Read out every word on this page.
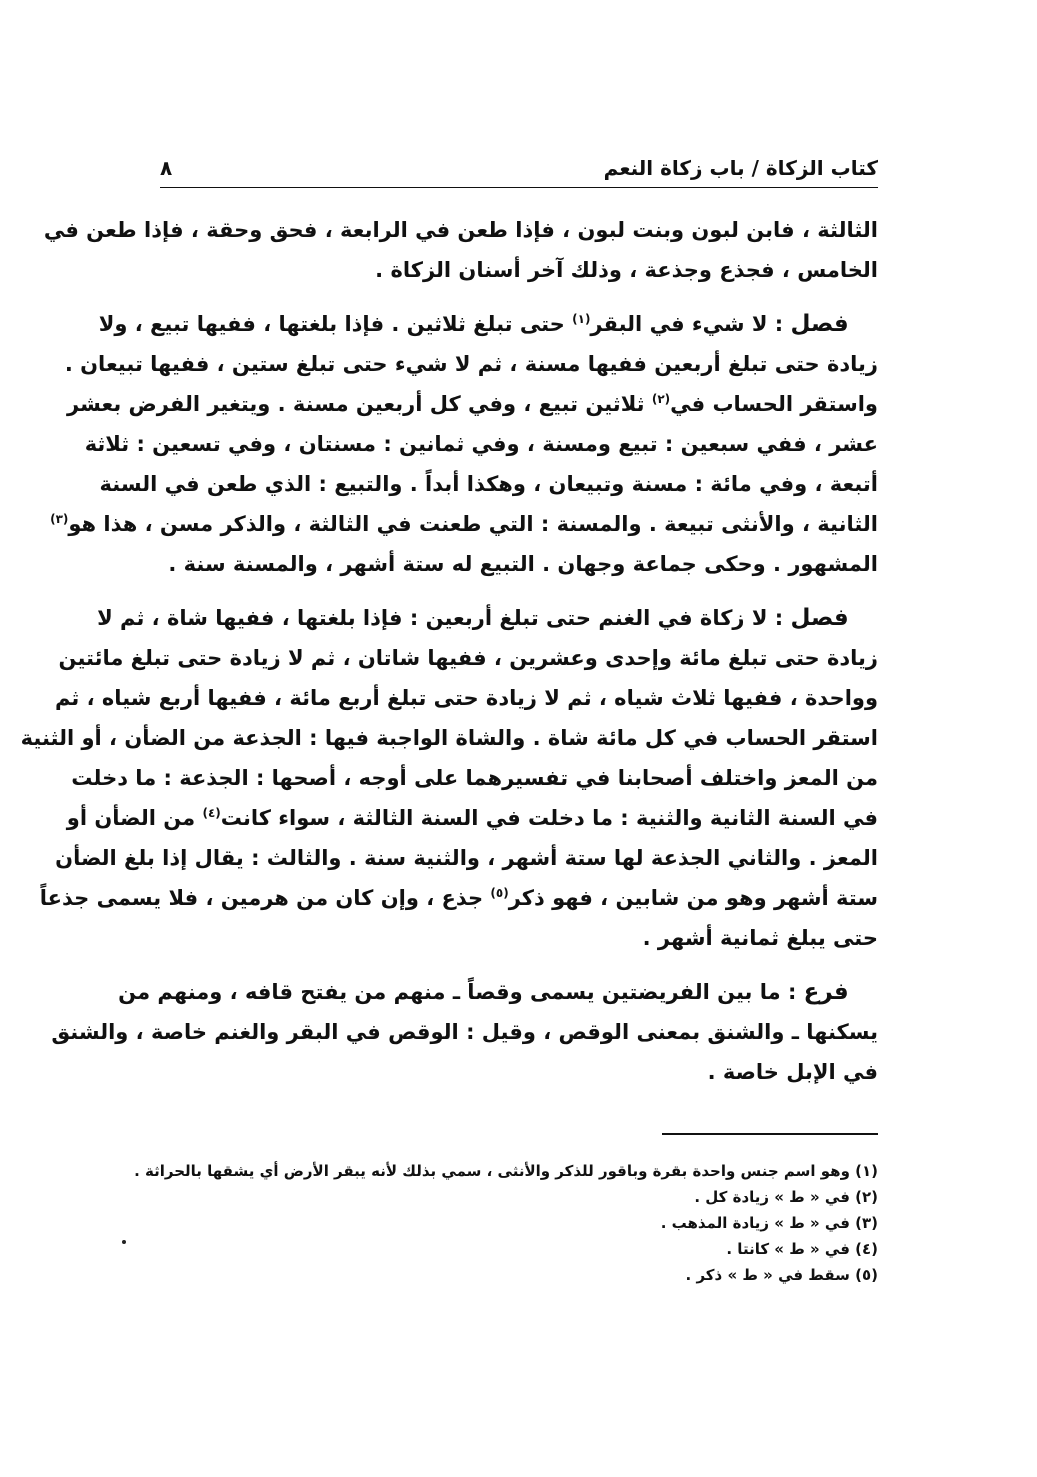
كتاب الزكاة / باب زكاة النعم
٨
الثالثة ، فابن لبون وبنت لبون ، فإذا طعن في الرابعة ، فحق وحقة ، فإذا طعن في
الخامس ، فجذع وجذعة ، وذلك آخر أسنان الزكاة .
فصل : لا شيء في البقر$^{(١)}$ حتى تبلغ ثلاثين . فإذا بلغتها ، ففيها تبيع ، ولا
زيادة حتى تبلغ أربعين ففيها مسنة ، ثم لا شيء حتى تبلغ ستين ، ففيها تبيعان .
واستقر الحساب في$^{(٢)}$ ثلاثين تبيع ، وفي كل أربعين مسنة . ويتغير الفرض بعشر
عشر ، ففي سبعين : تبيع ومسنة ، وفي ثمانين : مسنتان ، وفي تسعين : ثلاثة
أتبعة ، وفي مائة : مسنة وتبيعان ، وهكذا أبداً . والتبيع : الذي طعن في السنة
الثانية ، والأنثى تبيعة . والمسنة : التي طعنت في الثالثة ، والذكر مسن ، هذا هو$^{(٣)}$
المشهور . وحكى جماعة وجهان . التبيع له ستة أشهر ، والمسنة سنة .
فصل : لا زكاة في الغنم حتى تبلغ أربعين : فإذا بلغتها ، ففيها شاة ، ثم لا
زيادة حتى تبلغ مائة وإحدى وعشرين ، ففيها شاتان ، ثم لا زيادة حتى تبلغ مائتين
وواحدة ، ففيها ثلاث شياه ، ثم لا زيادة حتى تبلغ أربع مائة ، ففيها أربع شياه ، ثم
استقر الحساب في كل مائة شاة . والشاة الواجبة فيها : الجذعة من الضأن ، أو الثنية
من المعز واختلف أصحابنا في تفسيرهما على أوجه ، أصحها : الجذعة : ما دخلت
في السنة الثانية والثنية : ما دخلت في السنة الثالثة ، سواء كانت$^{(٤)}$ من الضأن أو
المعز . والثاني الجذعة لها ستة أشهر ، والثنية سنة . والثالث : يقال إذا بلغ الضأن
ستة أشهر وهو من شابين ، فهو ذكر$^{(٥)}$ جذع ، وإن كان من هرمين ، فلا يسمى جذعاً
حتى يبلغ ثمانية أشهر .
فرع : ما بين الفريضتين يسمى وقصاً ـ منهم من يفتح قافه ، ومنهم من
يسكنها ـ والشنق بمعنى الوقص ، وقيل : الوقص في البقر والغنم خاصة ، والشنق
في الإبل خاصة .
(١) وهو اسم جنس واحدة بقرة وباقور للذكر والأنثى ، سمي بذلك لأنه يبقر الأرض أي يشقها بالحراثة .
(٢) في « ط » زيادة كل .
(٣) في « ط » زيادة المذهب .
(٤) في « ط » كانتا .
(٥) سقط في « ط » ذكر .
